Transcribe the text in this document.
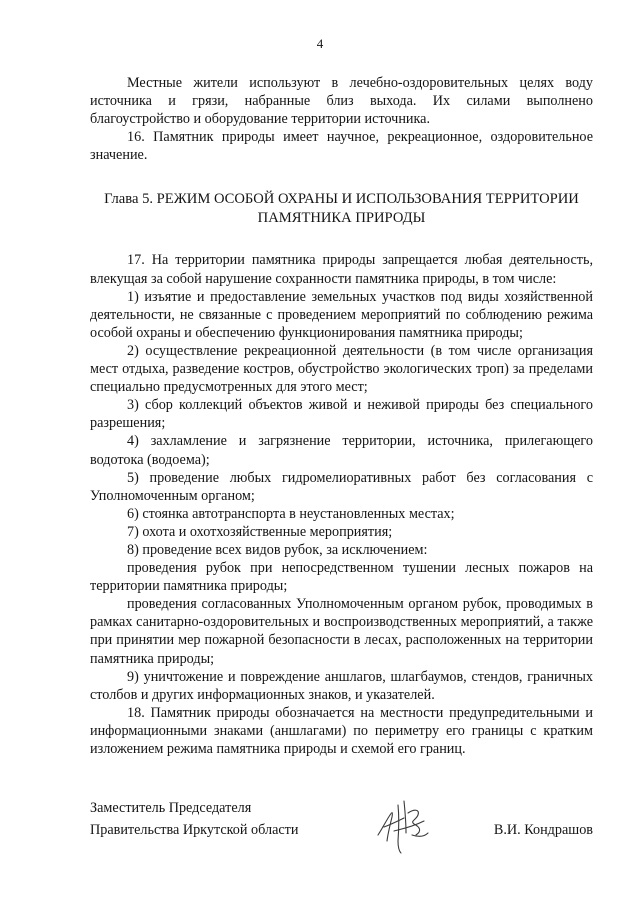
4

Местные жители используют в лечебно-оздоровительных целях воду источника и грязи, набранные близ выхода. Их силами выполнено благоустройство и оборудование территории источника.

16. Памятник природы имеет научное, рекреационное, оздоровительное значение.

Глава 5. РЕЖИМ ОСОБОЙ ОХРАНЫ И ИСПОЛЬЗОВАНИЯ ТЕРРИТОРИИ
ПАМЯТНИКА ПРИРОДЫ

17. На территории памятника природы запрещается любая деятельность, влекущая за собой нарушение сохранности памятника природы, в том числе:

1) изъятие и предоставление земельных участков под виды хозяйственной деятельности, не связанные с проведением мероприятий по соблюдению режима особой охраны и обеспечению функционирования памятника природы;

2) осуществление рекреационной деятельности (в том числе организация мест отдыха, разведение костров, обустройство экологических троп) за пределами специально предусмотренных для этого мест;

3) сбор коллекций объектов живой и неживой природы без специального разрешения;

4) захламление и загрязнение территории, источника, прилегающего водотока (водоема);

5) проведение любых гидромелиоративных работ без согласования с Уполномоченным органом;

6) стоянка автотранспорта в неустановленных местах;

7) охота и охотхозяйственные мероприятия;

8) проведение всех видов рубок, за исключением:

проведения рубок при непосредственном тушении лесных пожаров на территории памятника природы;

проведения согласованных Уполномоченным органом рубок, проводимых в рамках санитарно-оздоровительных и воспроизводственных мероприятий, а также при принятии мер пожарной безопасности в лесах, расположенных на территории памятника природы;

9) уничтожение и повреждение аншлагов, шлагбаумов, стендов, граничных столбов и других информационных знаков, и указателей.

18. Памятник природы обозначается на местности предупредительными и информационными знаками (аншлагами) по периметру его границы с кратким изложением режима памятника природы и схемой его границ.

Заместитель Председателя
Правительства Иркутской области	В.И. Кондрашов
